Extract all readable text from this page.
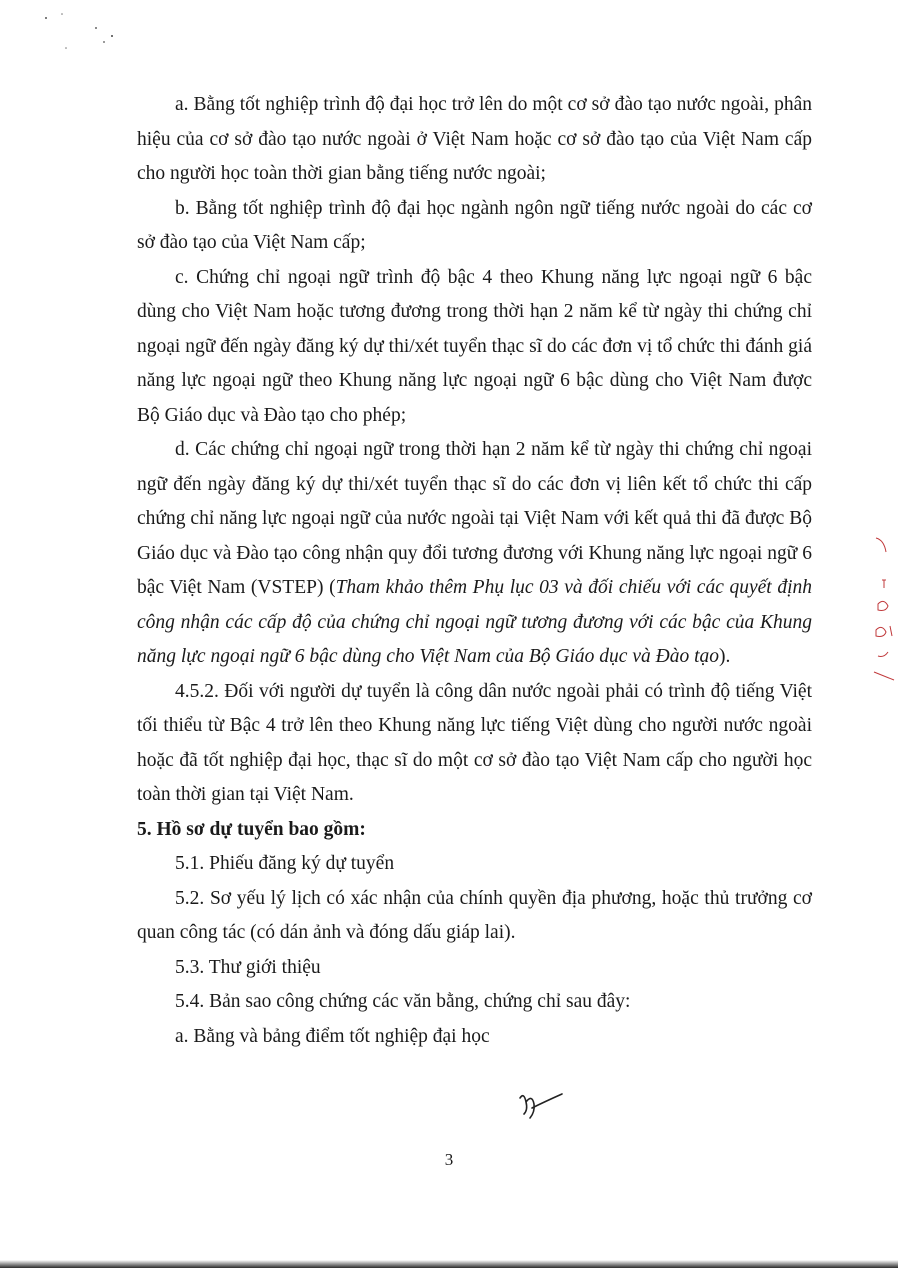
a. Bằng tốt nghiệp trình độ đại học trở lên do một cơ sở đào tạo nước ngoài, phân hiệu của cơ sở đào tạo nước ngoài ở Việt Nam hoặc cơ sở đào tạo của Việt Nam cấp cho người học toàn thời gian bằng tiếng nước ngoài;

b. Bằng tốt nghiệp trình độ đại học ngành ngôn ngữ tiếng nước ngoài do các cơ sở đào tạo của Việt Nam cấp;

c. Chứng chỉ ngoại ngữ trình độ bậc 4 theo Khung năng lực ngoại ngữ 6 bậc dùng cho Việt Nam hoặc tương đương trong thời hạn 2 năm kể từ ngày thi chứng chỉ ngoại ngữ đến ngày đăng ký dự thi/xét tuyển thạc sĩ do các đơn vị tổ chức thi đánh giá năng lực ngoại ngữ theo Khung năng lực ngoại ngữ 6 bậc dùng cho Việt Nam được Bộ Giáo dục và Đào tạo cho phép;

d. Các chứng chỉ ngoại ngữ trong thời hạn 2 năm kể từ ngày thi chứng chỉ ngoại ngữ đến ngày đăng ký dự thi/xét tuyển thạc sĩ do các đơn vị liên kết tổ chức thi cấp chứng chỉ năng lực ngoại ngữ của nước ngoài tại Việt Nam với kết quả thi đã được Bộ Giáo dục và Đào tạo công nhận quy đổi tương đương với Khung năng lực ngoại ngữ 6 bậc Việt Nam (VSTEP) (Tham khảo thêm Phụ lục 03 và đối chiếu với các quyết định công nhận các cấp độ của chứng chỉ ngoại ngữ tương đương với các bậc của Khung năng lực ngoại ngữ 6 bậc dùng cho Việt Nam của Bộ Giáo dục và Đào tạo).

4.5.2. Đối với người dự tuyển là công dân nước ngoài phải có trình độ tiếng Việt tối thiểu từ Bậc 4 trở lên theo Khung năng lực tiếng Việt dùng cho người nước ngoài hoặc đã tốt nghiệp đại học, thạc sĩ do một cơ sở đào tạo Việt Nam cấp cho người học toàn thời gian tại Việt Nam.

5. Hồ sơ dự tuyển bao gồm:

5.1. Phiếu đăng ký dự tuyển

5.2. Sơ yếu lý lịch có xác nhận của chính quyền địa phương, hoặc thủ trưởng cơ quan công tác (có dán ảnh và đóng dấu giáp lai).

5.3. Thư giới thiệu

5.4. Bản sao công chứng các văn bằng, chứng chỉ sau đây:

a. Bằng và bảng điểm tốt nghiệp đại học

3
